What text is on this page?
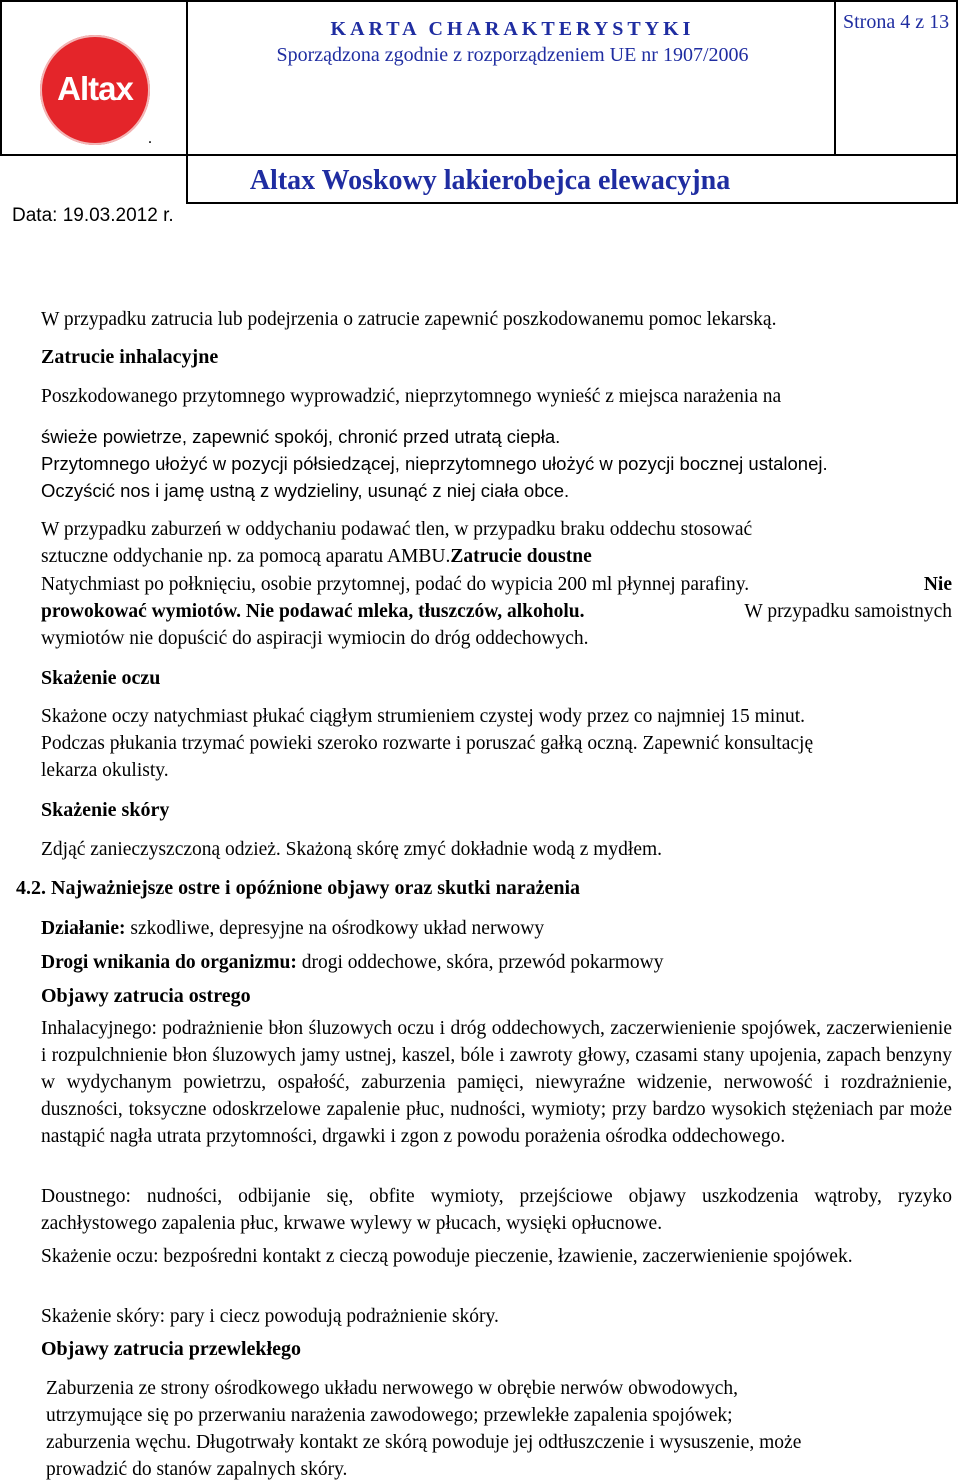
Altax
.
KARTA CHARAKTERYSTYKI
Sporządzona zgodnie z rozporządzeniem UE nr 1907/2006
Strona 4 z 13
Altax Woskowy lakierobejca elewacyjna
Data: 19.03.2012 r.
W przypadku zatrucia lub podejrzenia o zatrucie zapewnić poszkodowanemu pomoc lekarską.
Zatrucie inhalacyjne
Poszkodowanego przytomnego wyprowadzić, nieprzytomnego wynieść z miejsca narażenia na
świeże powietrze, zapewnić spokój, chronić przed utratą ciepła.
Przytomnego ułożyć w pozycji półsiedzącej, nieprzytomnego ułożyć w pozycji bocznej ustalonej.
Oczyścić nos i jamę ustną z wydzieliny, usunąć z niej ciała obce.
W przypadku zaburzeń w oddychaniu podawać tlen, w przypadku braku oddechu stosować
sztuczne oddychanie np. za pomocą aparatu AMBU.Zatrucie doustne
Natychmiast po połknięciu, osobie przytomnej, podać do wypicia 200 ml płynnej parafiny.	Nie
prowokować wymiotów. Nie podawać mleka, tłuszczów, alkoholu.	W przypadku samoistnych
wymiotów nie dopuścić do aspiracji wymiocin do dróg oddechowych.
Skażenie oczu
Skażone oczy natychmiast płukać ciągłym strumieniem czystej wody przez co najmniej 15 minut.
Podczas płukania trzymać powieki szeroko rozwarte i poruszać gałką oczną. Zapewnić konsultację
lekarza okulisty.
Skażenie skóry
Zdjąć zanieczyszczoną odzież. Skażoną skórę zmyć dokładnie wodą z mydłem.
4.2. Najważniejsze ostre i opóźnione objawy oraz skutki narażenia
Działanie: szkodliwe, depresyjne na ośrodkowy układ nerwowy
Drogi wnikania do organizmu: drogi oddechowe, skóra, przewód pokarmowy
Objawy zatrucia ostrego
Inhalacyjnego: podrażnienie błon śluzowych oczu i dróg oddechowych, zaczerwienienie spojówek, zaczerwienienie i rozpulchnienie błon śluzowych jamy ustnej, kaszel, bóle i zawroty głowy, czasami stany upojenia, zapach benzyny w wydychanym powietrzu, ospałość, zaburzenia pamięci, niewyraźne widzenie, nerwowość i rozdrażnienie, duszności, toksyczne odoskrzelowe zapalenie płuc, nudności, wymioty; przy bardzo wysokich stężeniach par może nastąpić nagła utrata przytomności, drgawki i zgon z powodu porażenia ośrodka oddechowego.
Doustnego: nudności, odbijanie się, obfite wymioty, przejściowe objawy uszkodzenia wątroby, ryzyko zachłystowego zapalenia płuc, krwawe wylewy w płucach, wysięki opłucnowe.
Skażenie oczu: bezpośredni kontakt z cieczą powoduje pieczenie, łzawienie, zaczerwienienie spojówek.
Skażenie skóry: pary i ciecz powodują podrażnienie skóry.
Objawy zatrucia przewlekłego
Zaburzenia ze strony ośrodkowego układu nerwowego w obrębie nerwów obwodowych,
utrzymujące się po przerwaniu narażenia zawodowego; przewlekłe zapalenia spojówek;
zaburzenia węchu. Długotrwały kontakt ze skórą powoduje jej odtłuszczenie i wysuszenie, może
prowadzić do stanów zapalnych skóry.
